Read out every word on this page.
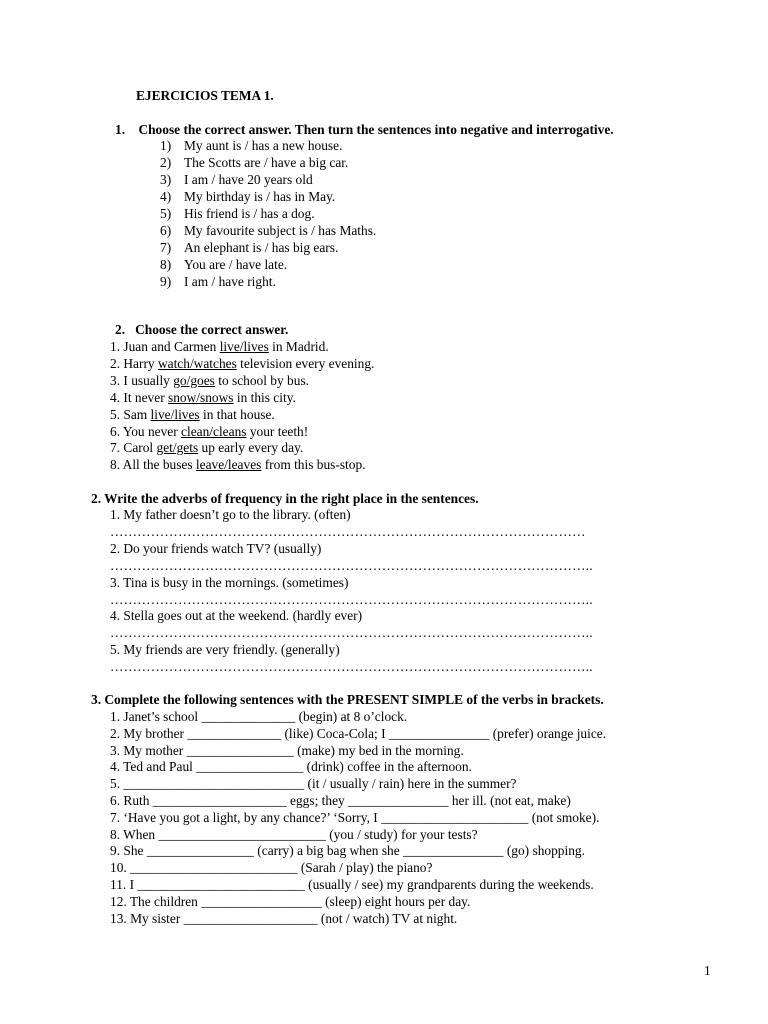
EJERCICIOS TEMA 1.
1. Choose the correct answer. Then turn the sentences into negative and interrogative.
1) My aunt is / has a new house.
2) The Scotts are / have a big car.
3) I am / have 20 years old
4) My birthday is / has in May.
5) His friend is / has a dog.
6) My favourite subject is / has Maths.
7) An elephant is / has big ears.
8) You are / have late.
9) I am / have right.
2. Choose the correct answer.
1. Juan and Carmen live/lives in Madrid.
2. Harry watch/watches television every evening.
3. I usually go/goes to school by bus.
4. It never snow/snows in this city.
5. Sam live/lives in that house.
6. You never clean/cleans your teeth!
7. Carol get/gets up early every day.
8. All the buses leave/leaves from this bus-stop.
2. Write the adverbs of frequency in the right place in the sentences.
1. My father doesn’t go to the library. (often)
……………………………………………………………………………………………
2. Do your friends watch TV? (usually)
……………………………………………………………………………………………..
3. Tina is busy in the mornings. (sometimes)
……………………………………………………………………………………………..
4. Stella goes out at the weekend. (hardly ever)
……………………………………………………………………………………………..
5. My friends are very friendly. (generally)
……………………………………………………………………………………………..
3. Complete the following sentences with the PRESENT SIMPLE of the verbs in brackets.
1. Janet’s school ______________ (begin) at 8 o’clock.
2. My brother ______________ (like) Coca-Cola; I _______________ (prefer) orange juice.
3. My mother ________________ (make) my bed in the morning.
4. Ted and Paul ________________ (drink) coffee in the afternoon.
5. ___________________________ (it / usually / rain) here in the summer?
6. Ruth ____________________ eggs; they _______________ her ill. (not eat, make)
7. ‘Have you got a light, by any chance?’ ‘Sorry, I ______________________ (not smoke).
8. When _________________________ (you / study) for your tests?
9. She ________________ (carry) a big bag when she _______________ (go) shopping.
10. _________________________ (Sarah / play) the piano?
11. I _________________________ (usually / see) my grandparents during the weekends.
12. The children __________________ (sleep) eight hours per day.
13. My sister ____________________ (not / watch) TV at night.
1
